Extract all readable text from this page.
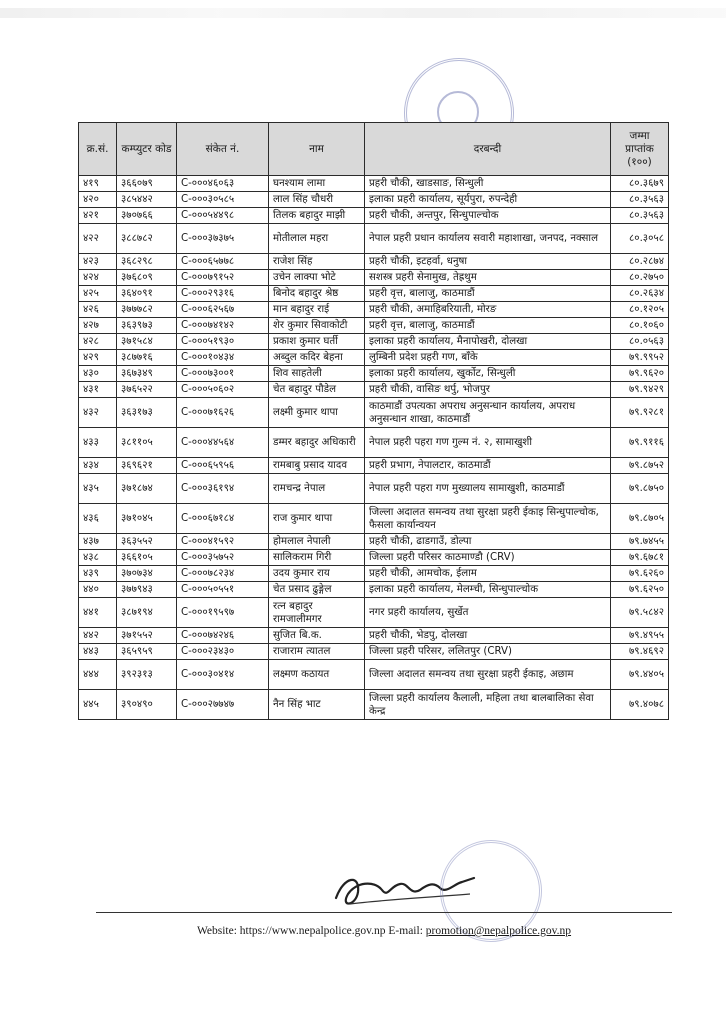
क्र.सं.	कम्प्युटर कोड	संकेत नं.	नाम	दरबन्दी	जम्मा प्राप्तांक (१००)
४१९	३६६०७९	C-०००४६०६३	घनश्याम लामा	प्रहरी चौकी, खाडसाङ, सिन्धुली	८०.३६७९
४२०	३८५४४२	C-०००३०५८५	लाल सिंह चौधरी	इलाका प्रहरी कार्यालय, सूर्यपुरा, रुपन्देही	८०.३५६३
४२१	३७०७६६	C-०००५४४९८	तिलक बहादुर माझी	प्रहरी चौकी, अन्तपुर, सिन्धुपाल्चोक	८०.३५६३
४२२	३८८७८२	C-०००३७३७५	मोतीलाल महरा	नेपाल प्रहरी प्रधान कार्यालय सवारी महाशाखा, जनपद, नक्साल	८०.३०५८
४२३	३६८२९८	C-०००६५७७८	राजेश सिंह	प्रहरी चौकी, इटहर्वा, धनुषा	८०.२८७४
४२४	३७६८०९	C-०००७९१५२	उचेन लाक्पा भोटे	सशस्त्र प्रहरी सेनामुख, तेह्रथुम	८०.२७५०
४२५	३६४०९१	C-०००२९३१६	बिनोद बहादुर श्रेष्ठ	प्रहरी वृत्त, बालाजु, काठमाडौं	८०.२६३४
४२६	३७७७८२	C-०००६२५६७	मान बहादुर राई	प्रहरी चौकी, अमाहिबरियाती, मोरङ	८०.१२०५
४२७	३६३९७३	C-०००७४१४२	शेर कुमार सिवाकोटी	प्रहरी वृत्त, बालाजु, काठमाडौं	८०.१०६०
४२८	३७१५८४	C-०००५१९३०	प्रकाश कुमार घर्ती	इलाका प्रहरी कार्यालय, मैनापोखरी, दोलखा	८०.०५६३
४२९	३८७७१६	C-०००१०४३४	अब्दुल कदिर बेहना	लुम्बिनी प्रदेश प्रहरी गण, बाँके	७९.९९५२
४३०	३६७३४९	C-०००७३००१	शिव साहतेली	इलाका प्रहरी कार्यालय, खुर्कोट, सिन्धुली	७९.९६२०
४३१	३७६५२२	C-०००५०६०२	चेत बहादुर पौडेल	प्रहरी चौकी, वासिङ थर्पु, भोजपुर	७९.९४२९
४३२	३६३१७३	C-०००७१६२६	लक्ष्मी कुमार थापा	काठमाडौं उपत्यका अपराध अनुसन्धान कार्यालय, अपराध अनुसन्धान शाखा, काठमाडौं	७९.९२८१
४३३	३८११०५	C-०००४४५६४	डम्मर बहादुर अधिकारी	नेपाल प्रहरी पहरा गण गुल्म नं. २, सामाखुशी	७९.९११६
४३४	३६९६२१	C-०००६५९५६	रामबाबु प्रसाद यादव	प्रहरी प्रभाग, नेपालटार, काठमाडौं	७९.८७५२
४३५	३७१८७४	C-०००३६१९४	रामचन्द्र नेपाल	नेपाल प्रहरी पहरा गण मुख्यालय सामाखुशी, काठमाडौं	७९.८७५०
४३६	३७१०४५	C-०००६७१८४	राज कुमार थापा	जिल्ला अदालत समन्वय तथा सुरक्षा प्रहरी ईकाइ सिन्धुपाल्चोक, फैसला कार्यान्वयन	७९.८७०५
४३७	३६३५५२	C-०००४१५९२	होमलाल नेपाली	प्रहरी चौकी, ढाडगाउँ, डोल्पा	७९.७४५५
४३८	३६६१०५	C-०००३५७५२	सालिकराम गिरी	जिल्ला प्रहरी परिसर काठमाण्डौ (CRV)	७९.६७८१
४३९	३७०७३४	C-०००७८२३४	उदय कुमार राय	प्रहरी चौकी, आमचोक, ईलाम	७९.६२६०
४४०	३७७९४३	C-०००५०५५१	चेत प्रसाद ढुङ्गेल	इलाका प्रहरी कार्यालय, मेलम्ची, सिन्धुपाल्चोक	७९.६२५०
४४१	३८७१९४	C-०००१९५९७	रत्न बहादुर रामजालीमगर	नगर प्रहरी कार्यालय, सुर्खेत	७९.५८४२
४४२	३७१५५२	C-०००७४२४६	सुजित बि.क.	प्रहरी चौकी, भेडपु, दोलखा	७९.४९५५
४४३	३६५९५९	C-०००२३४३०	राजाराम त्यातल	जिल्ला प्रहरी परिसर, ललितपुर (CRV)	७९.४६९२
४४४	३९२३१३	C-०००३०४१४	लक्ष्मण कठायत	जिल्ला अदालत समन्वय तथा सुरक्षा प्रहरी ईकाइ, अछाम	७९.४४०५
४४५	३९०४९०	C-०००२७७४७	नैन सिंह भाट	जिल्ला प्रहरी कार्यालय कैलाली, महिला तथा बालबालिका सेवा केन्द्र	७९.४०७८
Website: https://www.nepalpolice.gov.np E-mail: promotion@nepalpolice.gov.np
